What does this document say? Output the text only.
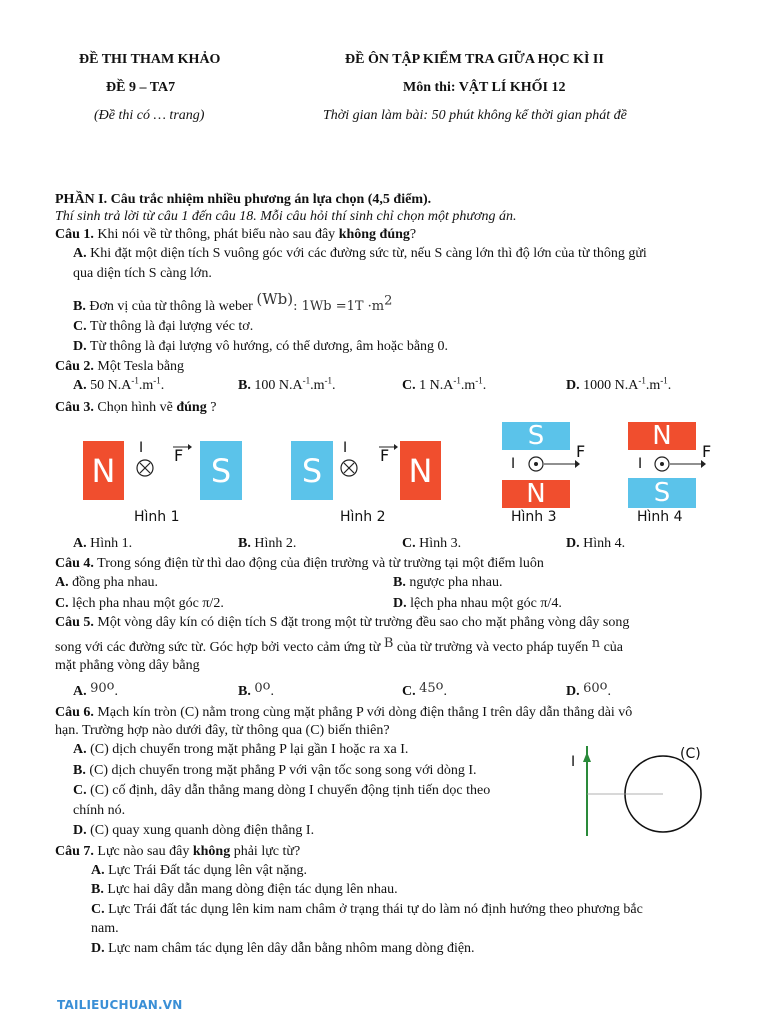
ĐỀ THI THAM KHẢO
ĐỀ 9 – TA7
(Đề thi có … trang)
ĐỀ ÔN TẬP KIỂM TRA GIỮA HỌC KÌ II
Môn thi: VẬT LÍ KHỐI 12
Thời gian làm bài: 50 phút không kể thời gian phát đề
PHẦN I. Câu trắc nhiệm nhiều phương án lựa chọn (4,5 điểm).
Thí sinh trả lời từ câu 1 đến câu 18. Mỗi câu hỏi thí sinh chỉ chọn một phương án.
Câu 1. Khi nói về từ thông, phát biểu nào sau đây không đúng?
A. Khi đặt một diện tích S vuông góc với các đường sức từ, nếu S càng lớn thì độ lớn của từ thông gửi
qua diện tích S càng lớn.
B. Đơn vị của từ thông là weber (Wb): $1Wb =1T \cdot m^2$
C. Từ thông là đại lượng véc tơ.
D. Từ thông là đại lượng vô hướng, có thể dương, âm hoặc bằng 0.
Câu 2. Một Tesla bằng
A. 50 $N.A^{-1}.m^{-1}$.	B. 100 $N.A^{-1}.m^{-1}$.	C. 1 $N.A^{-1}.m^{-1}$.	D. 1000 $N.A^{-1}.m^{-1}$.
Câu 3. Chọn hình vẽ đúng ?
N	S
I F
Hình 1
S	N
I F
Hình 2
S
N
I
F
Hình 3
N
S
I
F
Hình 4
A. Hình 1.	B. Hình 2.	C. Hình 3.	D. Hình 4.
Câu 4. Trong sóng điện từ thì dao động của điện trường và từ trường tại một điểm luôn
A. đồng pha nhau.	B. ngược pha nhau.
C. lệch pha nhau một góc π/2.	D. lệch pha nhau một góc π/4.
Câu 5. Một vòng dây kín có diện tích S đặt trong một từ trường đều sao cho mặt phẳng vòng dây song
song với các đường sức từ. Góc hợp bởi vecto cảm ứng từ B của từ trường và vecto pháp tuyến n của
mặt phẳng vòng dây bằng
A. 90$^o$.	B. 0$^o$.	C. 45$^o$.	D. 60$^o$.
Câu 6. Mạch kín tròn (C) nằm trong cùng mặt phẳng P với dòng điện thẳng I trên dây dẫn thẳng dài vô
hạn. Trường hợp nào dưới đây, từ thông qua (C) biến thiên?
A. (C) dịch chuyển trong mặt phẳng P lại gần I hoặc ra xa I.
B. (C) dịch chuyển trong mặt phẳng P với vận tốc song song với dòng I.
C. (C) cố định, dây dẫn thẳng mang dòng I chuyển động tịnh tiến dọc theo
chính nó.
D. (C) quay xung quanh dòng điện thẳng I.
I	(C)
Câu 7. Lực nào sau đây không phải lực từ?
A. Lực Trái Đất tác dụng lên vật nặng.
B. Lực hai dây dẫn mang dòng điện tác dụng lên nhau.
C. Lực Trái đất tác dụng lên kim nam châm ở trạng thái tự do làm nó định hướng theo phương bắc
nam.
D. Lực nam châm tác dụng lên dây dẫn bằng nhôm mang dòng điện.
TAILIEUCHUAN.VN
